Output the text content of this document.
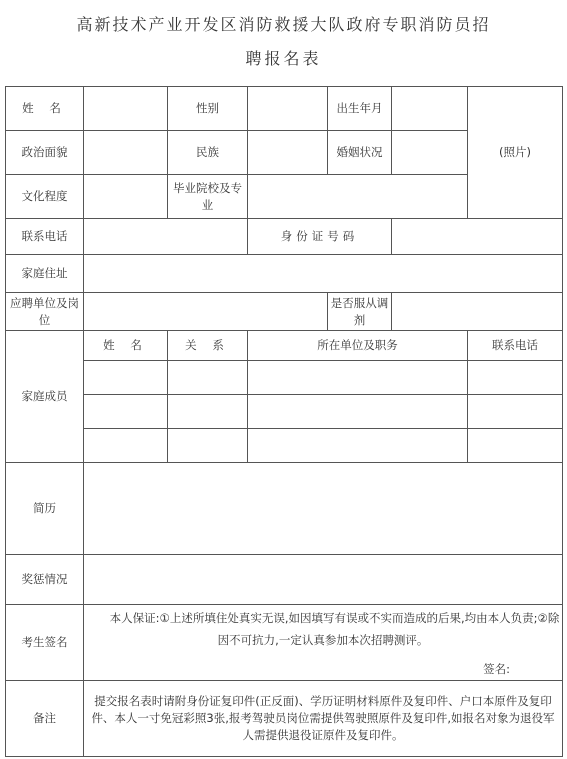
高新技术产业开发区消防救援大队政府专职消防员招
聘报名表
姓 名		性别		出生年月		(照片)
政治面貌		民族		婚姻状况		
文化程度		毕业院校及专业				
联系电话			身份证号码			
家庭住址						
应聘单位及岗位				是否服从调剂		
家庭成员	姓 名	关 系	所在单位及职务			联系电话

简历						
奖惩情况						
考生签名	本人保证:①上述所填住处真实无误,如因填写有误或不实而造成的后果,均由本人负责;②除因不可抗力,一定认真参加本次招聘测评。
签名:					

备注	提交报名表时请附身份证复印件(正反面)、学历证明材料原件及复印件、户口本原件及复印件、本人一寸免冠彩照3张,报考驾驶员岗位需提供驾驶照原件及复印件,如报名对象为退役军人需提供退役证原件及复印件。					
